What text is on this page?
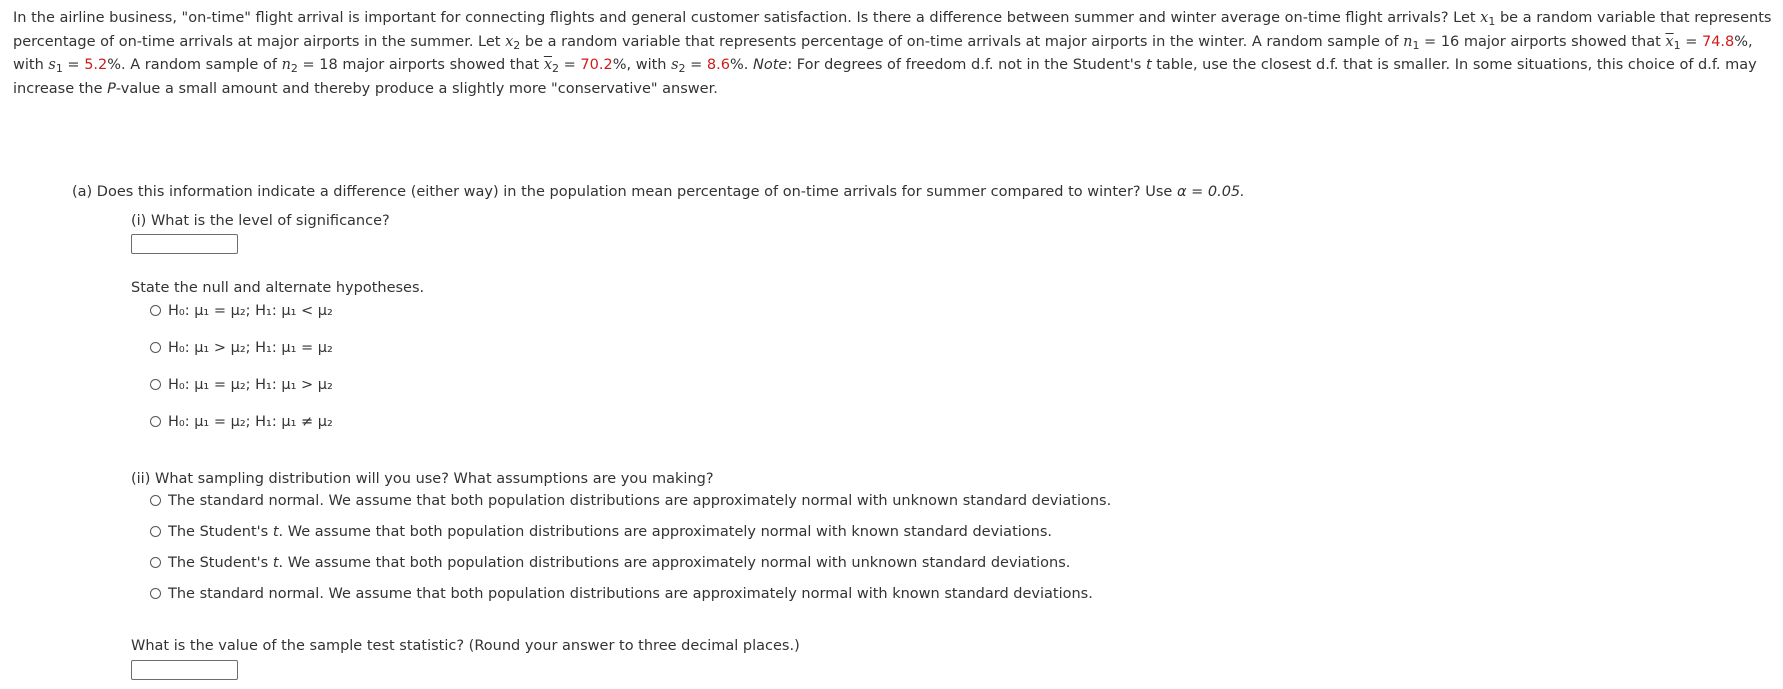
In the airline business, "on-time" flight arrival is important for connecting flights and general customer satisfaction. Is there a difference between summer and winter average on-time flight arrivals? Let $x_1$ be a random variable that represents percentage of on-time arrivals at major airports in the summer. Let $x_2$ be a random variable that represents percentage of on-time arrivals at major airports in the winter. A random sample of $n_1 = 16$ major airports showed that $\overline{x}_1 = 74.8\%$, with $s_1 = 5.2\%$. A random sample of $n_2 = 18$ major airports showed that $\overline{x}_2 = 70.2\%$, with $s_2 = 8.6\%$. Note: For degrees of freedom d.f. not in the Student's t table, use the closest d.f. that is smaller. In some situations, this choice of d.f. may increase the P-value a small amount and thereby produce a slightly more "conservative" answer.
(a) Does this information indicate a difference (either way) in the population mean percentage of on-time arrivals for summer compared to winter? Use α = 0.05.
(i) What is the level of significance?
State the null and alternate hypotheses.
H₀: μ₁ = μ₂; H₁: μ₁ < μ₂
H₀: μ₁ > μ₂; H₁: μ₁ = μ₂
H₀: μ₁ = μ₂; H₁: μ₁ > μ₂
H₀: μ₁ = μ₂; H₁: μ₁ ≠ μ₂
(ii) What sampling distribution will you use? What assumptions are you making?
The standard normal. We assume that both population distributions are approximately normal with unknown standard deviations.
The Student's t. We assume that both population distributions are approximately normal with known standard deviations.
The Student's t. We assume that both population distributions are approximately normal with unknown standard deviations.
The standard normal. We assume that both population distributions are approximately normal with known standard deviations.
What is the value of the sample test statistic? (Round your answer to three decimal places.)
